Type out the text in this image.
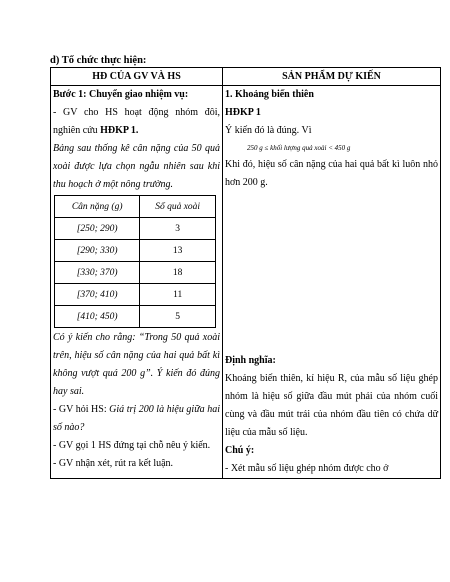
d) Tổ chức thực hiện:
HĐ CỦA GV VÀ HS	SẢN PHẨM DỰ KIẾN

Bước 1: Chuyển giao nhiệm vụ:
- GV cho HS hoạt động nhóm đôi, nghiên cứu HĐKP 1.
Bảng sau thống kê cân nặng của 50 quả xoài được lựa chọn ngẫu nhiên sau khi thu hoạch ở một nông trường.
Cân nặng (g)	Số quả xoài
[250; 290)	3
[290; 330)	13
[330; 370)	18
[370; 410)	11
[410; 450)	5
Có ý kiến cho rằng: “Trong 50 quả xoài trên, hiệu số cân nặng của hai quả bất kì không vượt quá 200 g”. Ý kiến đó đúng hay sai.
- GV hỏi HS: Giá trị 200 là hiệu giữa hai số nào?
- GV gọi 1 HS đứng tại chỗ nêu ý kiến.
- GV nhận xét, rút ra kết luận.

1. Khoảng biến thiên
HĐKP 1
Ý kiến đó là đúng. Vì
250 g ≤ khối lượng quả xoài < 450 g
Khi đó, hiệu số cân nặng của hai quả bất kì luôn nhỏ hơn 200 g.
Định nghĩa:
Khoảng biến thiên, kí hiệu R, của mẫu số liệu ghép nhóm là hiệu số giữa đầu mút phải của nhóm cuối cùng và đầu mút trái của nhóm đầu tiên có chứa dữ liệu của mẫu số liệu.
Chú ý:
- Xét mẫu số liệu ghép nhóm được cho ở
